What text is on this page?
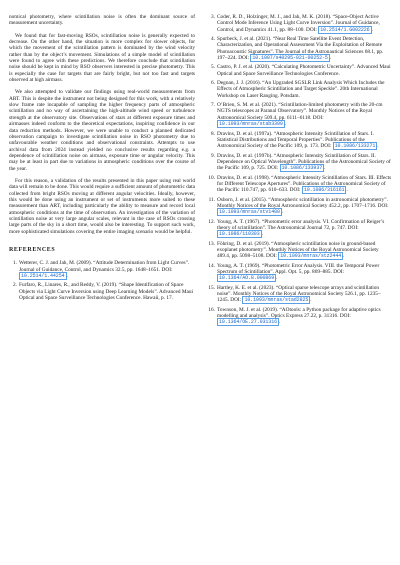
nomical photometry, where scintillation noise is often the dominant source of measurement uncertainty.

We found that for fast-moving RSOs, scintillation noise is generally expected to decrease. On the other hand, the situation is more complex for slower objects, for which the movement of the scintillation pattern is dominated by the wind velocity rather than by the object’s movement. Simulations of a simple model of scintillation were found to agree with these predictions. We therefore conclude that scintillation noise should be kept in mind by RSO observers interested in precise photometry. This is especially the case for targets that are fairly bright, but not too fast and targets observed at high airmass.

We also attempted to validate our findings using real-world measurements from ART. This is despite the instrument not being designed for this work, with a relatively slow frame rate incapable of sampling the higher frequency parts of atmospheric scintillation and no way of ascertaining the high-altitude wind speed or turbulence strength at the observatory site. Observations of stars at different exposure times and airmasses indeed conform to the theoretical expectations, inspiring confidence in our data reduction methods. However, we were unable to conduct a planned dedicated observation campaign to investigate scintillation noise in RSO photometry due to unfavourable weather conditions and observational constraints. Attempts to use archival data from 2024 instead yielded no conclusive results regarding e.g. a dependence of scintillation noise on airmass, exposure time or angular velocity. This may be at least in part due to variations in atmospheric conditions over the course of the year.

For this reason, a validation of the results presented in this paper using real world data will remain to be done. This would require a sufficient amount of photometric data collected from bright RSOs moving at different angular velocities. Ideally, however, this would be done using an instrument or set of instruments more suited to these measurement than ART, including particularly the ability to measure and record local atmospheric conditions at the time of observation. An investigation of the variation of scintillation noise at very large angular scales, relevant in the case of RSOs crossing large parts of the sky in a short time, would also be interesting. To support such work, more sophisticated simulations covering the entire imaging scenario would be helpful.

REFERENCES
1. Wetterer, C. J. and Jah, M. (2009). “Attitude Determination from Light Curves”. Journal of Guidance, Control, and Dynamics 32.5, pp. 1648–1651. DOI: 10.2514/1.44254 .
2. Furfaro, R., Linares, R., and Reddy, V. (2019). “Shape Identification of Space Objects via Light Curve Inversion using Deep Learning Models”. Advanced Maui Optical and Space Surveillance Technologies Conference. Hawaii, p. 17.
3. Coder, R. D., Holzinger, M. J., and Jah, M. K. (2018). “Space-Object Active Control Mode Inference Using Light Curve Inversion”. Journal of Guidance, Control, and Dynamics 41.1, pp. 88–100. DOI: 10.2514/1.G002226 .
4. Spurbeck, J. et al. (2021). “Near Real Time Satellite Event Detection, Characterization, and Operational Assessment Via the Exploitation of Remote Photoacoustic Signatures”. The Journal of the Astronautical Sciences 68.1, pp. 197–224. DOI: 10.1007/s40295-021-00252-5 .
5. Castro, P. J. et al. (2020). “Calculating Photometric Uncertainty”. Advanced Maui Optical and Space Surveillance Technologies Conference.
6. Degnan, J. J. (2016). “An Upgraded SGSLR Link Analysis Which Includes the Effects of Atmospheric Scintillation and Target Speckle”. 20th International Workshop on Laser Ranging. Potsdam.
7. O’Brien, S. M. et al. (2021). “Scintillation-limited photometry with the 20-cm NGTS telescopes at Paranal Observatory”. Monthly Notices of the Royal Astronomical Society 509.4, pp. 6111–6118. DOI: 10.1093/mnras/stab3399 .
8. Dravins, D. et al. (1997a). “Atmospheric Intensity Scintillation of Stars. I. Statistical Distributions and Temporal Properties”. Publications of the Astronomical Society of the Pacific 109, p. 173. DOI: 10.1086/133271 .
9. Dravins, D. et al. (1997b). “Atmospheric Intensity Scintillation of Stars. II. Dependence on Optical Wavelength”. Publications of the Astronomical Society of the Pacific 109, p. 725. DOI: 10.1086/133937 .
10. Dravins, D. et al. (1998). “Atmospheric Intensity Scintillation of Stars. III. Effects for Different Telescope Apertures”. Publications of the Astronomical Society of the Pacific 110.747, pp. 610–633. DOI: 10.1086/316161 .
11. Osborn, J. et al. (2015). “Atmospheric scintillation in astronomical photometry”. Monthly Notices of the Royal Astronomical Society 452.2, pp. 1707–1716. DOI: 10.1093/mnras/stv1400 .
12. Young, A. T. (1967). “Photometric error analysis. VI. Confirmation of Reiger’s theory of scintillation”. The Astronomical Journal 72, p. 747. DOI: 10.1086/110303 .
13. Föhring, D. et al. (2019). “Atmospheric scintillation noise in ground-based exoplanet photometry”. Monthly Notices of the Royal Astronomical Society 489.4, pp. 5098–5108. DOI: 10.1093/mnras/stz2444 .
14. Young, A. T. (1969). “Photometric Error Analysis. VIII. the Temporal Power Spectrum of Scintillation”. Appl. Opt. 5, pp. 869–885. DOI: 10.1364/AO.8.000869 .
15. Hartley, K. E. et al. (2023). “Optical sparse telescope arrays and scintillation noise”. Monthly Notices of the Royal Astronomical Society 526.1, pp. 1235–1245. DOI: 10.1093/mnras/stad2825 .
16. Townson, M. J. et al. (2019). “AOtools: a Python package for adaptive optics modelling and analysis”. Optics Express 27.22, p. 31316. DOI: 10.1364/OE.27.031316 .
